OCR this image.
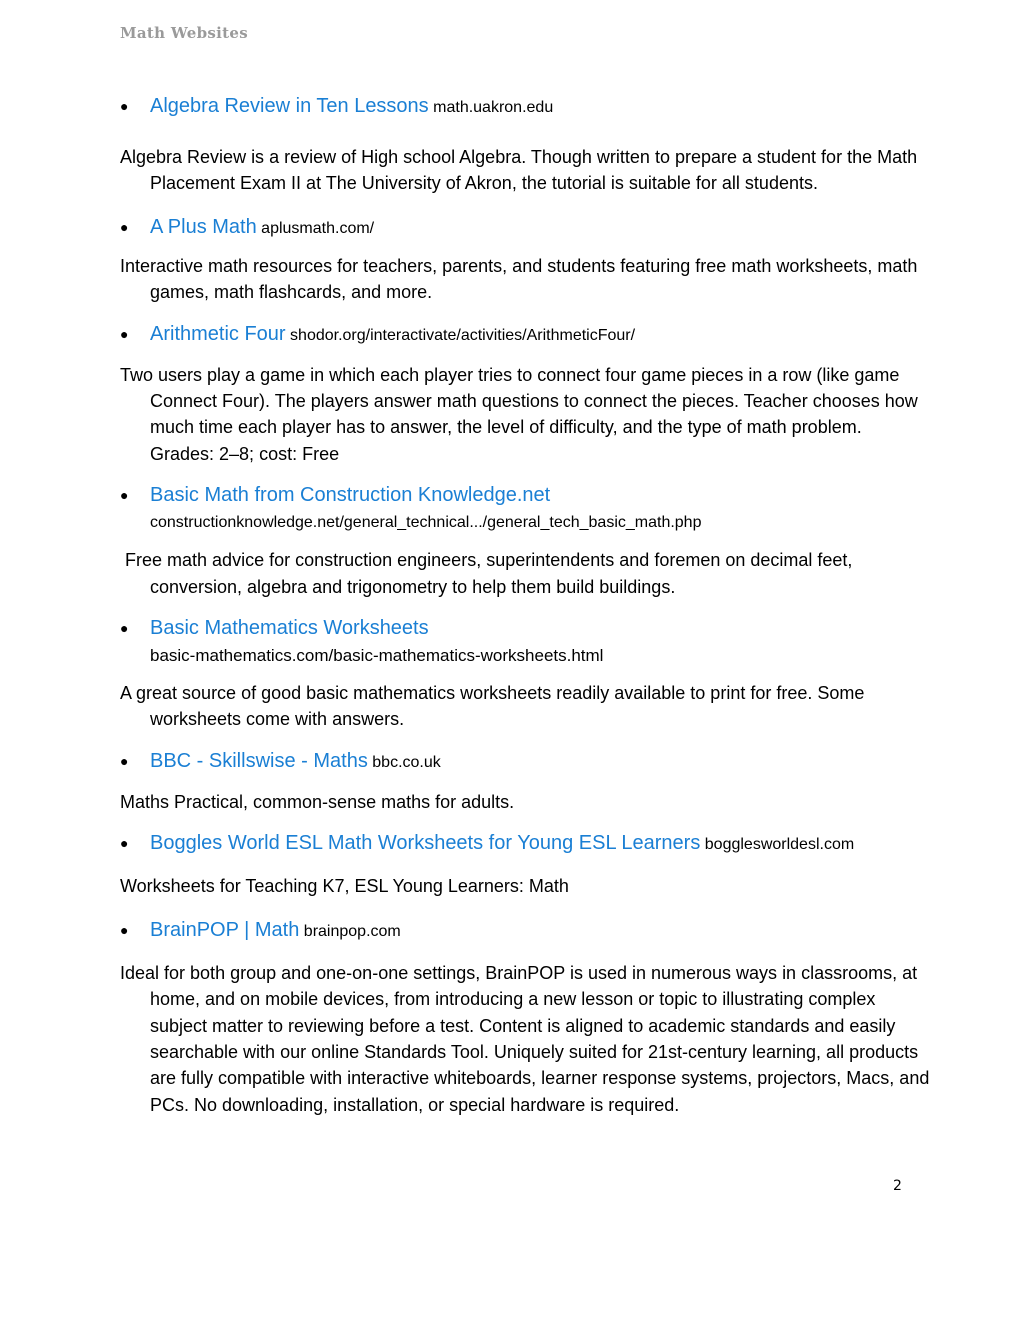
Math Websites
● Algebra Review in Ten Lessons math.uakron.edu
Algebra Review is a review of High school Algebra. Though written to prepare a student for the Math Placement Exam II at The University of Akron, the tutorial is suitable for all students.
● A Plus Math aplusmath.com/
Interactive math resources for teachers, parents, and students featuring free math worksheets, math games, math flashcards, and more.
● Arithmetic Four shodor.org/interactivate/activities/ArithmeticFour/
Two users play a game in which each player tries to connect four game pieces in a row (like game Connect Four). The players answer math questions to connect the pieces. Teacher chooses how much time each player has to answer, the level of difficulty, and the type of math problem. Grades: 2–8; cost: Free
● Basic Math from Construction Knowledge.net
constructionknowledge.net/general_technical.../general_tech_basic_math.php
Free math advice for construction engineers, superintendents and foremen on decimal feet, conversion, algebra and trigonometry to help them build buildings.
● Basic Mathematics Worksheets
basic-mathematics.com/basic-mathematics-worksheets.html
A great source of good basic mathematics worksheets readily available to print for free. Some worksheets come with answers.
● BBC - Skillswise - Maths bbc.co.uk
Maths Practical, common-sense maths for adults.
● Boggles World ESL Math Worksheets for Young ESL Learners bogglesworldesl.com
Worksheets for Teaching K7, ESL Young Learners: Math
● BrainPOP | Math brainpop.com
Ideal for both group and one-on-one settings, BrainPOP is used in numerous ways in classrooms, at home, and on mobile devices, from introducing a new lesson or topic to illustrating complex subject matter to reviewing before a test. Content is aligned to academic standards and easily searchable with our online Standards Tool. Uniquely suited for 21st-century learning, all products are fully compatible with interactive whiteboards, learner response systems, projectors, Macs, and PCs. No downloading, installation, or special hardware is required.
2
